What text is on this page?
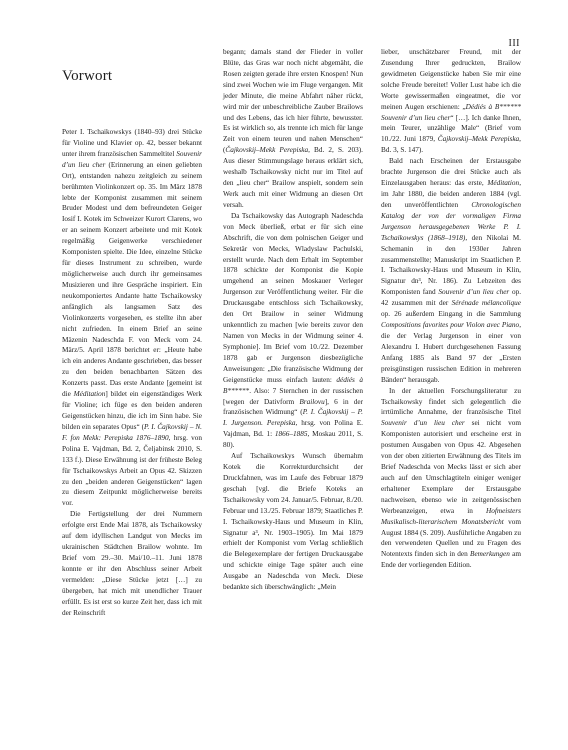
III
Vorwort

Peter I. Tschaikowskys (1840–93) drei Stücke für Violine und Klavier op. 42, besser bekannt unter ihrem französischen Sammeltitel Souvenir d’un lieu cher (Erinnerung an einen geliebten Ort), entstanden nahezu zeitgleich zu seinem berühmten Violinkonzert op. 35. Im März 1878 lebte der Komponist zusammen mit seinem Bruder Modest und dem befreundeten Geiger Iosif I. Kotek im Schweizer Kurort Clarens, wo er an seinem Konzert arbeitete und mit Kotek regelmäßig Geigenwerke verschiedener Komponisten spielte. Die Idee, einzelne Stücke für dieses Instrument zu schreiben, wurde möglicherweise auch durch ihr gemeinsames Musizieren und ihre Gespräche inspiriert. Ein neukomponiertes Andante hatte Tschaikowsky anfänglich als langsamen Satz des Violinkonzerts vorgesehen, es stellte ihn aber nicht zufrieden. In einem Brief an seine Mäzenin Nadeschda F. von Meck vom 24. März/5. April 1878 berichtet er: „Heute habe ich ein anderes Andante geschrieben, das besser zu den beiden benachbarten Sätzen des Konzerts passt. Das erste Andante [gemeint ist die Méditation] bildet ein eigenständiges Werk für Violine; ich füge es den beiden anderen Geigenstücken hinzu, die ich im Sinn habe. Sie bilden ein separates Opus“ (P. I. Čajkovskij – N. F. fon Mekk: Perepiska 1876–1890, hrsg. von Polina E. Vajdman, Bd. 2, Čeljabinsk 2010, S. 133 f.). Diese Erwähnung ist der früheste Beleg für Tschaikowskys Arbeit an Opus 42. Skizzen zu den „beiden anderen Geigenstücken“ lagen zu diesem Zeitpunkt möglicherweise bereits vor.

Die Fertigstellung der drei Nummern erfolgte erst Ende Mai 1878, als Tschaikowsky auf dem idyllischen Landgut von Mecks im ukrainischen Städtchen Brailow wohnte. Im Brief vom 29.–30. Mai/10.–11. Juni 1878 konnte er ihr den Abschluss seiner Arbeit vermelden: „Diese Stücke jetzt […] zu übergeben, hat mich mit unendlicher Trauer erfüllt. Es ist erst so kurze Zeit her, dass ich mit der Reinschrift

begann; damals stand der Flieder in voller Blüte, das Gras war noch nicht abgemäht, die Rosen zeigten gerade ihre ersten Knospen! Nun sind zwei Wochen wie im Fluge vergangen. Mit jeder Minute, die meine Abfahrt näher rückt, wird mir der unbeschreibliche Zauber Brailows und des Lebens, das ich hier führte, bewusster. Es ist wirklich so, als trennte ich mich für lange Zeit von einem teuren und nahen Menschen“ (Čajkovskij–Mekk Perepiska, Bd. 2, S. 203). Aus dieser Stimmungslage heraus erklärt sich, weshalb Tschaikowsky nicht nur im Titel auf den „lieu cher“ Brailow anspielt, sondern sein Werk auch mit einer Widmung an diesen Ort versah.

Da Tschaikowsky das Autograph Nadeschda von Meck überließ, erbat er für sich eine Abschrift, die von dem polnischen Geiger und Sekretär von Mecks, Wladyslaw Pachulski, erstellt wurde. Nach dem Erhalt im September 1878 schickte der Komponist die Kopie umgehend an seinen Moskauer Verleger Jurgenson zur Veröffentlichung weiter. Für die Druckausgabe entschloss sich Tschaikowsky, den Ort Brailow in seiner Widmung unkenntlich zu machen [wie bereits zuvor den Namen von Mecks in der Widmung seiner 4. Symphonie]. Im Brief vom 10./22. Dezember 1878 gab er Jurgenson diesbezügliche Anweisungen: „Die französische Widmung der Geigenstücke muss einfach lauten: dédiés à B******. Also: 7 Sternchen in der russischen [wegen der Dativform Brailovu], 6 in der französischen Widmung“ (P. I. Čajkovskij – P. I. Jurgenson. Perepiska, hrsg. von Polina E. Vajdman, Bd. 1: 1866–1885, Moskau 2011, S. 80).

Auf Tschaikowskys Wunsch übernahm Kotek die Korrekturdurchsicht der Druckfahnen, was im Laufe des Februar 1879 geschah [vgl. die Briefe Koteks an Tschaikowsky vom 24. Januar/5. Februar, 8./20. Februar und 13./25. Februar 1879; Staatliches P. I. Tschaikowsky-Haus und Museum in Klin, Signatur a³, Nr. 1903–1905). Im Mai 1879 erhielt der Komponist vom Verlag schließlich die Belegexemplare der fertigen Druckausgabe und schickte einige Tage später auch eine Ausgabe an Nadeschda von Meck. Diese bedankte sich überschwänglich: „Mein

lieber, unschätzbarer Freund, mit der Zusendung Ihrer gedruckten, Brailow gewidmeten Geigenstücke haben Sie mir eine solche Freude bereitet! Voller Lust habe ich die Worte gewissermaßen eingeatmet, die vor meinen Augen erschienen: „Dédiés à B****** Souvenir d’un lieu cher“ […]. Ich danke Ihnen, mein Teurer, unzählige Male“ (Brief vom 10./22. Juni 1879, Čajkovskij–Mekk Perepiska, Bd. 3, S. 147).

Bald nach Erscheinen der Erstausgabe brachte Jurgenson die drei Stücke auch als Einzelausgaben heraus: das erste, Méditation, im Jahr 1880, die beiden anderen 1884 (vgl. den unveröffentlichten Chronologischen Katalog der von der vormaligen Firma Jurgenson herausgegebenen Werke P. I. Tschaikowskys (1868–1918), den Nikolai M. Schemanin in den 1930er Jahren zusammenstellte; Manuskript im Staatlichen P. I. Tschaikowsky-Haus und Museum in Klin, Signatur dn³, Nr. 186). Zu Lebzeiten des Komponisten fand Souvenir d’un lieu cher op. 42 zusammen mit der Sérénade mélancolique op. 26 außerdem Eingang in die Sammlung Compositions favorites pour Violon avec Piano, die der Verlag Jurgenson in einer von Alexandru I. Hubert durchgesehenen Fassung Anfang 1885 als Band 97 der „Ersten preisgünstigen russischen Edition in mehreren Bänden“ herausgab.

In der aktuellen Forschungsliteratur zu Tschaikowsky findet sich gelegentlich die irrtümliche Annahme, der französische Titel Souvenir d’un lieu cher sei nicht vom Komponisten autorisiert und erscheine erst in postumen Ausgaben von Opus 42. Abgesehen von der oben zitierten Erwähnung des Titels im Brief Nadeschda von Mecks lässt er sich aber auch auf den Umschlagtiteln einiger weniger erhaltener Exemplare der Erstausgabe nachweisen, ebenso wie in zeitgenössischen Werbeanzeigen, etwa in Hofmeisters Musikalisch-literarischem Monatsbericht vom August 1884 (S. 209). Ausführliche Angaben zu den verwendeten Quellen und zu Fragen des Notentexts finden sich in den Bemerkungen am Ende der vorliegenden Edition.
